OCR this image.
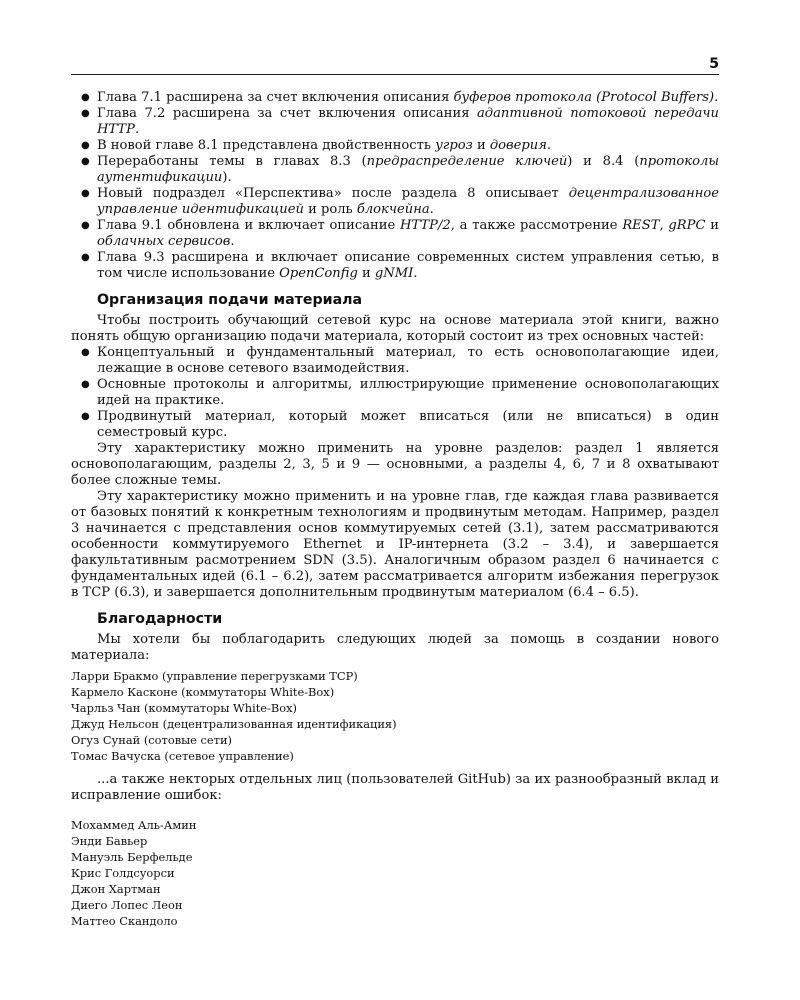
5
● Глава 7.1 расширена за счет включения описания буферов протокола (Protocol Buffers).
● Глава 7.2 расширена за счет включения описания адаптивной потоковой передачи HTTP.
● В новой главе 8.1 представлена двойственность угроз и доверия.
● Переработаны темы в главах 8.3 (предраспределение ключей) и 8.4 (протоколы аутентификации).
● Новый подраздел «Перспектива» после раздела 8 описывает децентрализованное управление идентификацией и роль блокчейна.
● Глава 9.1 обновлена и включает описание HTTP/2, а также рассмотрение REST, gRPC и облачных сервисов.
● Глава 9.3 расширена и включает описание современных систем управления сетью, в том числе использование OpenConfig и gNMI.
Организация подачи материала

Чтобы построить обучающий сетевой курс на основе материала этой книги, важно понять общую организацию подачи материала, который состоит из трех основных частей:

● Концептуальный и фундаментальный материал, то есть основополагающие идеи, лежащие в основе сетевого взаимодействия.
● Основные протоколы и алгоритмы, иллюстрирующие применение основополагающих идей на практике.
● Продвинутый материал, который может вписаться (или не вписаться) в один семестровый курс.

Эту характеристику можно применить на уровне разделов: раздел 1 является основополагающим, разделы 2, 3, 5 и 9 — основными, а разделы 4, 6, 7 и 8 охватывают более сложные темы.

Эту характеристику можно применить и на уровне глав, где каждая глава развивается от базовых понятий к конкретным технологиям и продвинутым методам. Например, раздел 3 начинается с представления основ коммутируемых сетей (3.1), затем рассматриваются особенности коммутируемого Ethernet и IP-интернета (3.2 – 3.4), и завершается факультативным расмотрением SDN (3.5). Аналогичным образом раздел 6 начинается с фундаментальных идей (6.1 – 6.2), затем рассматривается алгоритм избежания перегрузок в TCP (6.3), и завершается дополнительным продвинутым материалом (6.4 – 6.5).

Благодарности

Мы хотели бы поблагодарить следующих людей за помощь в создании нового материала:

Ларри Бракмо (управление перегрузками TCP)
Кармело Касконе (коммутаторы White-Box)
Чарльз Чан (коммутаторы White-Box)
Джуд Нельсон (децентрализованная идентификация)
Огуз Сунай (сотовые сети)
Томас Вачуска (сетевое управление)

...а также некторых отдельных лиц (пользователей GitHub) за их разнообразный вклад и исправление ошибок:

Мохаммед Аль-Амин
Энди Бавьер
Мануэль Берфельде
Крис Голдсуорси
Джон Хартман
Диего Лопес Леон
Маттео Скандоло
